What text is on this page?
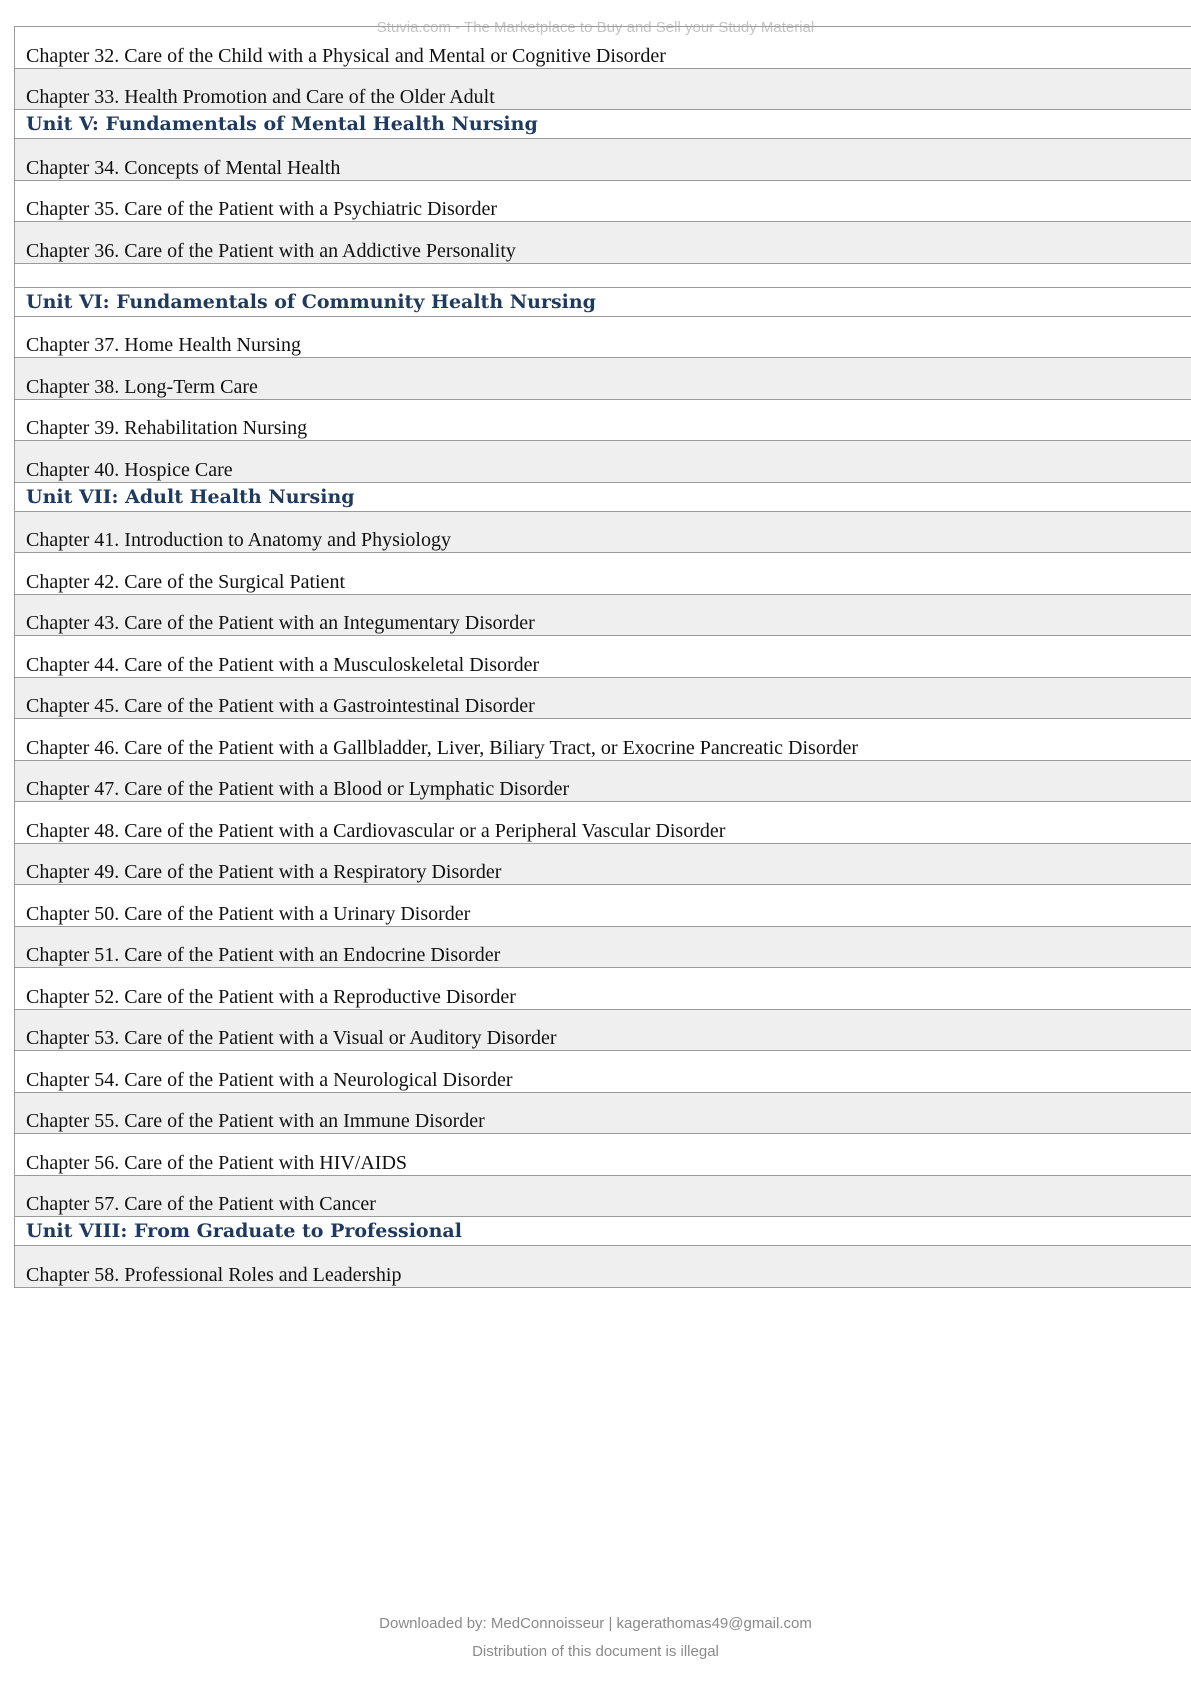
Stuvia.com - The Marketplace to Buy and Sell your Study Material
Chapter 32. Care of the Child with a Physical and Mental or Cognitive Disorder
Chapter 33. Health Promotion and Care of the Older Adult
Unit V: Fundamentals of Mental Health Nursing
Chapter 34. Concepts of Mental Health
Chapter 35. Care of the Patient with a Psychiatric Disorder
Chapter 36. Care of the Patient with an Addictive Personality
Unit VI: Fundamentals of Community Health Nursing
Chapter 37. Home Health Nursing
Chapter 38. Long-Term Care
Chapter 39. Rehabilitation Nursing
Chapter 40. Hospice Care
Unit VII: Adult Health Nursing
Chapter 41. Introduction to Anatomy and Physiology
Chapter 42. Care of the Surgical Patient
Chapter 43. Care of the Patient with an Integumentary Disorder
Chapter 44. Care of the Patient with a Musculoskeletal Disorder
Chapter 45. Care of the Patient with a Gastrointestinal Disorder
Chapter 46. Care of the Patient with a Gallbladder, Liver, Biliary Tract, or Exocrine Pancreatic Disorder
Chapter 47. Care of the Patient with a Blood or Lymphatic Disorder
Chapter 48. Care of the Patient with a Cardiovascular or a Peripheral Vascular Disorder
Chapter 49. Care of the Patient with a Respiratory Disorder
Chapter 50. Care of the Patient with a Urinary Disorder
Chapter 51. Care of the Patient with an Endocrine Disorder
Chapter 52. Care of the Patient with a Reproductive Disorder
Chapter 53. Care of the Patient with a Visual or Auditory Disorder
Chapter 54. Care of the Patient with a Neurological Disorder
Chapter 55. Care of the Patient with an Immune Disorder
Chapter 56. Care of the Patient with HIV/AIDS
Chapter 57. Care of the Patient with Cancer
Unit VIII: From Graduate to Professional
Chapter 58. Professional Roles and Leadership
Downloaded by: MedConnoisseur | kagerathomas49@gmail.com
Distribution of this document is illegal
